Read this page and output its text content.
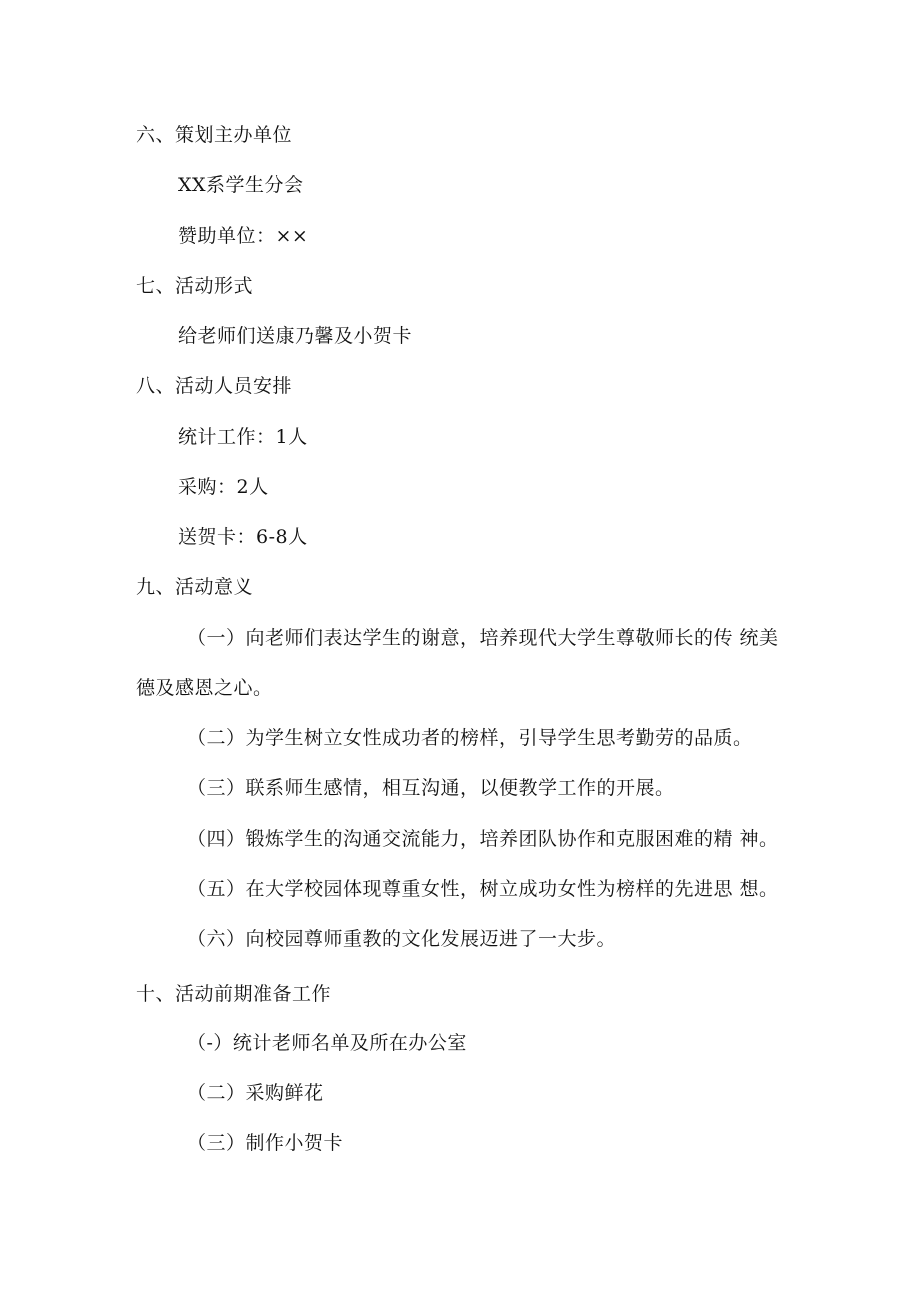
六、策划主办单位
XX系学生分会
赞助单位：××
七、活动形式
给老师们送康乃馨及小贺卡
八、活动人员安排
统计工作：1人
采购：2人
送贺卡：6-8人
九、活动意义
（一）向老师们表达学生的谢意，培养现代大学生尊敬师长的传 统美
德及感恩之心。
（二）为学生树立女性成功者的榜样，引导学生思考勤劳的品质。
（三）联系师生感情，相互沟通，以便教学工作的开展。
（四）锻炼学生的沟通交流能力，培养团队协作和克服困难的精 神。
（五）在大学校园体现尊重女性，树立成功女性为榜样的先进思 想。
（六）向校园尊师重教的文化发展迈进了一大步。
十、活动前期准备工作
（-）统计老师名单及所在办公室
（二）采购鲜花
（三）制作小贺卡
